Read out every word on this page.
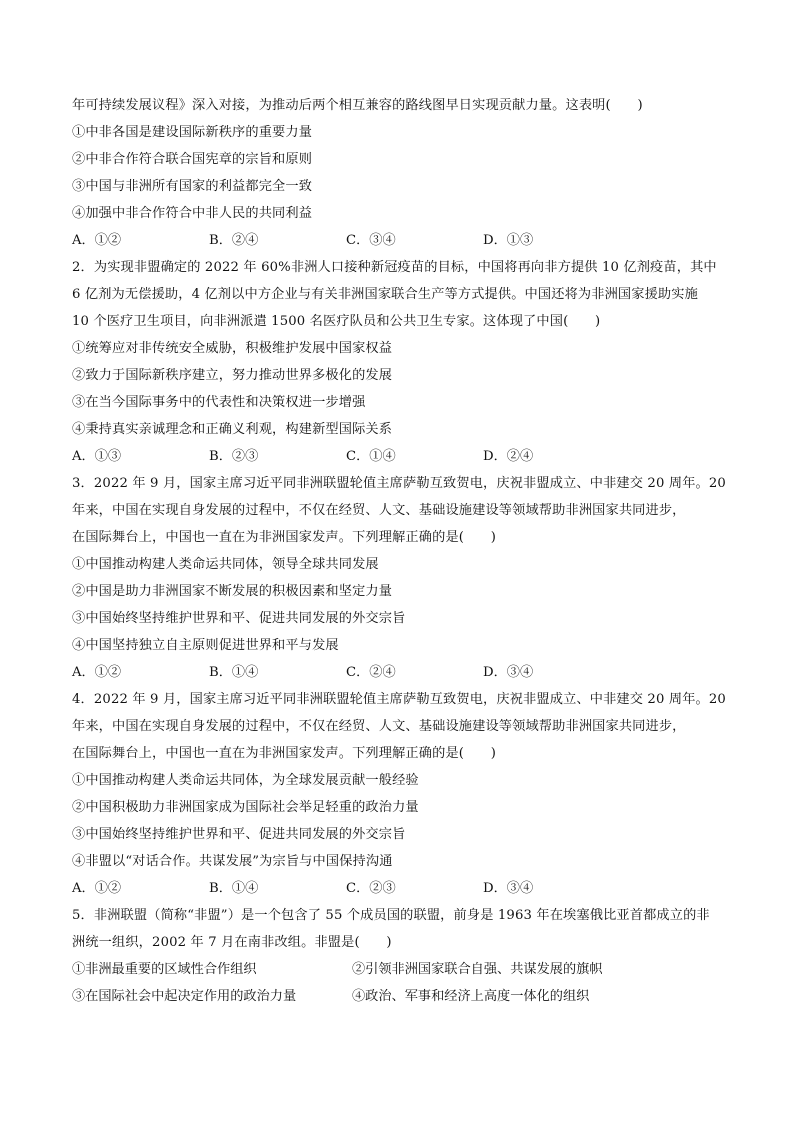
年可持续发展议程》深入对接，为推动后两个相互兼容的路线图早日实现贡献力量。这表明(　　)
①中非各国是建设国际新秩序的重要力量
②中非合作符合联合国宪章的宗旨和原则
③中国与非洲所有国家的利益都完全一致
④加强中非合作符合中非人民的共同利益
A．①②	B．②④	C．③④	D．①③
2．为实现非盟确定的 2022 年 60%非洲人口接种新冠疫苗的目标，中国将再向非方提供 10 亿剂疫苗，其中
6 亿剂为无偿援助，4 亿剂以中方企业与有关非洲国家联合生产等方式提供。中国还将为非洲国家援助实施
10 个医疗卫生项目，向非洲派遣 1500 名医疗队员和公共卫生专家。这体现了中国(　　)
①统筹应对非传统安全威胁，积极维护发展中国家权益
②致力于国际新秩序建立，努力推动世界多极化的发展
③在当今国际事务中的代表性和决策权进一步增强
④秉持真实亲诚理念和正确义利观，构建新型国际关系
A．①③	B．②③	C．①④	D．②④
3．2022 年 9 月，国家主席习近平同非洲联盟轮值主席萨勒互致贺电，庆祝非盟成立、中非建交 20 周年。20
年来，中国在实现自身发展的过程中，不仅在经贸、人文、基础设施建设等领域帮助非洲国家共同进步，
在国际舞台上，中国也一直在为非洲国家发声。下列理解正确的是(　　)
①中国推动构建人类命运共同体，领导全球共同发展
②中国是助力非洲国家不断发展的积极因素和坚定力量
③中国始终坚持维护世界和平、促进共同发展的外交宗旨
④中国坚持独立自主原则促进世界和平与发展
A．①②	B．①④	C．②④	D．③④
4．2022 年 9 月，国家主席习近平同非洲联盟轮值主席萨勒互致贺电，庆祝非盟成立、中非建交 20 周年。20
年来，中国在实现自身发展的过程中，不仅在经贸、人文、基础设施建设等领域帮助非洲国家共同进步，
在国际舞台上，中国也一直在为非洲国家发声。下列理解正确的是(　　)
①中国推动构建人类命运共同体，为全球发展贡献一般经验
②中国积极助力非洲国家成为国际社会举足轻重的政治力量
③中国始终坚持维护世界和平、促进共同发展的外交宗旨
④非盟以“对话合作。共谋发展”为宗旨与中国保持沟通
A．①②	B．①④	C．②③	D．③④
5．非洲联盟（简称“非盟”）是一个包含了 55 个成员国的联盟，前身是 1963 年在埃塞俄比亚首都成立的非
洲统一组织，2002 年 7 月在南非改组。非盟是(　　)
①非洲最重要的区域性合作组织	②引领非洲国家联合自强、共谋发展的旗帜
③在国际社会中起决定作用的政治力量	④政治、军事和经济上高度一体化的组织
